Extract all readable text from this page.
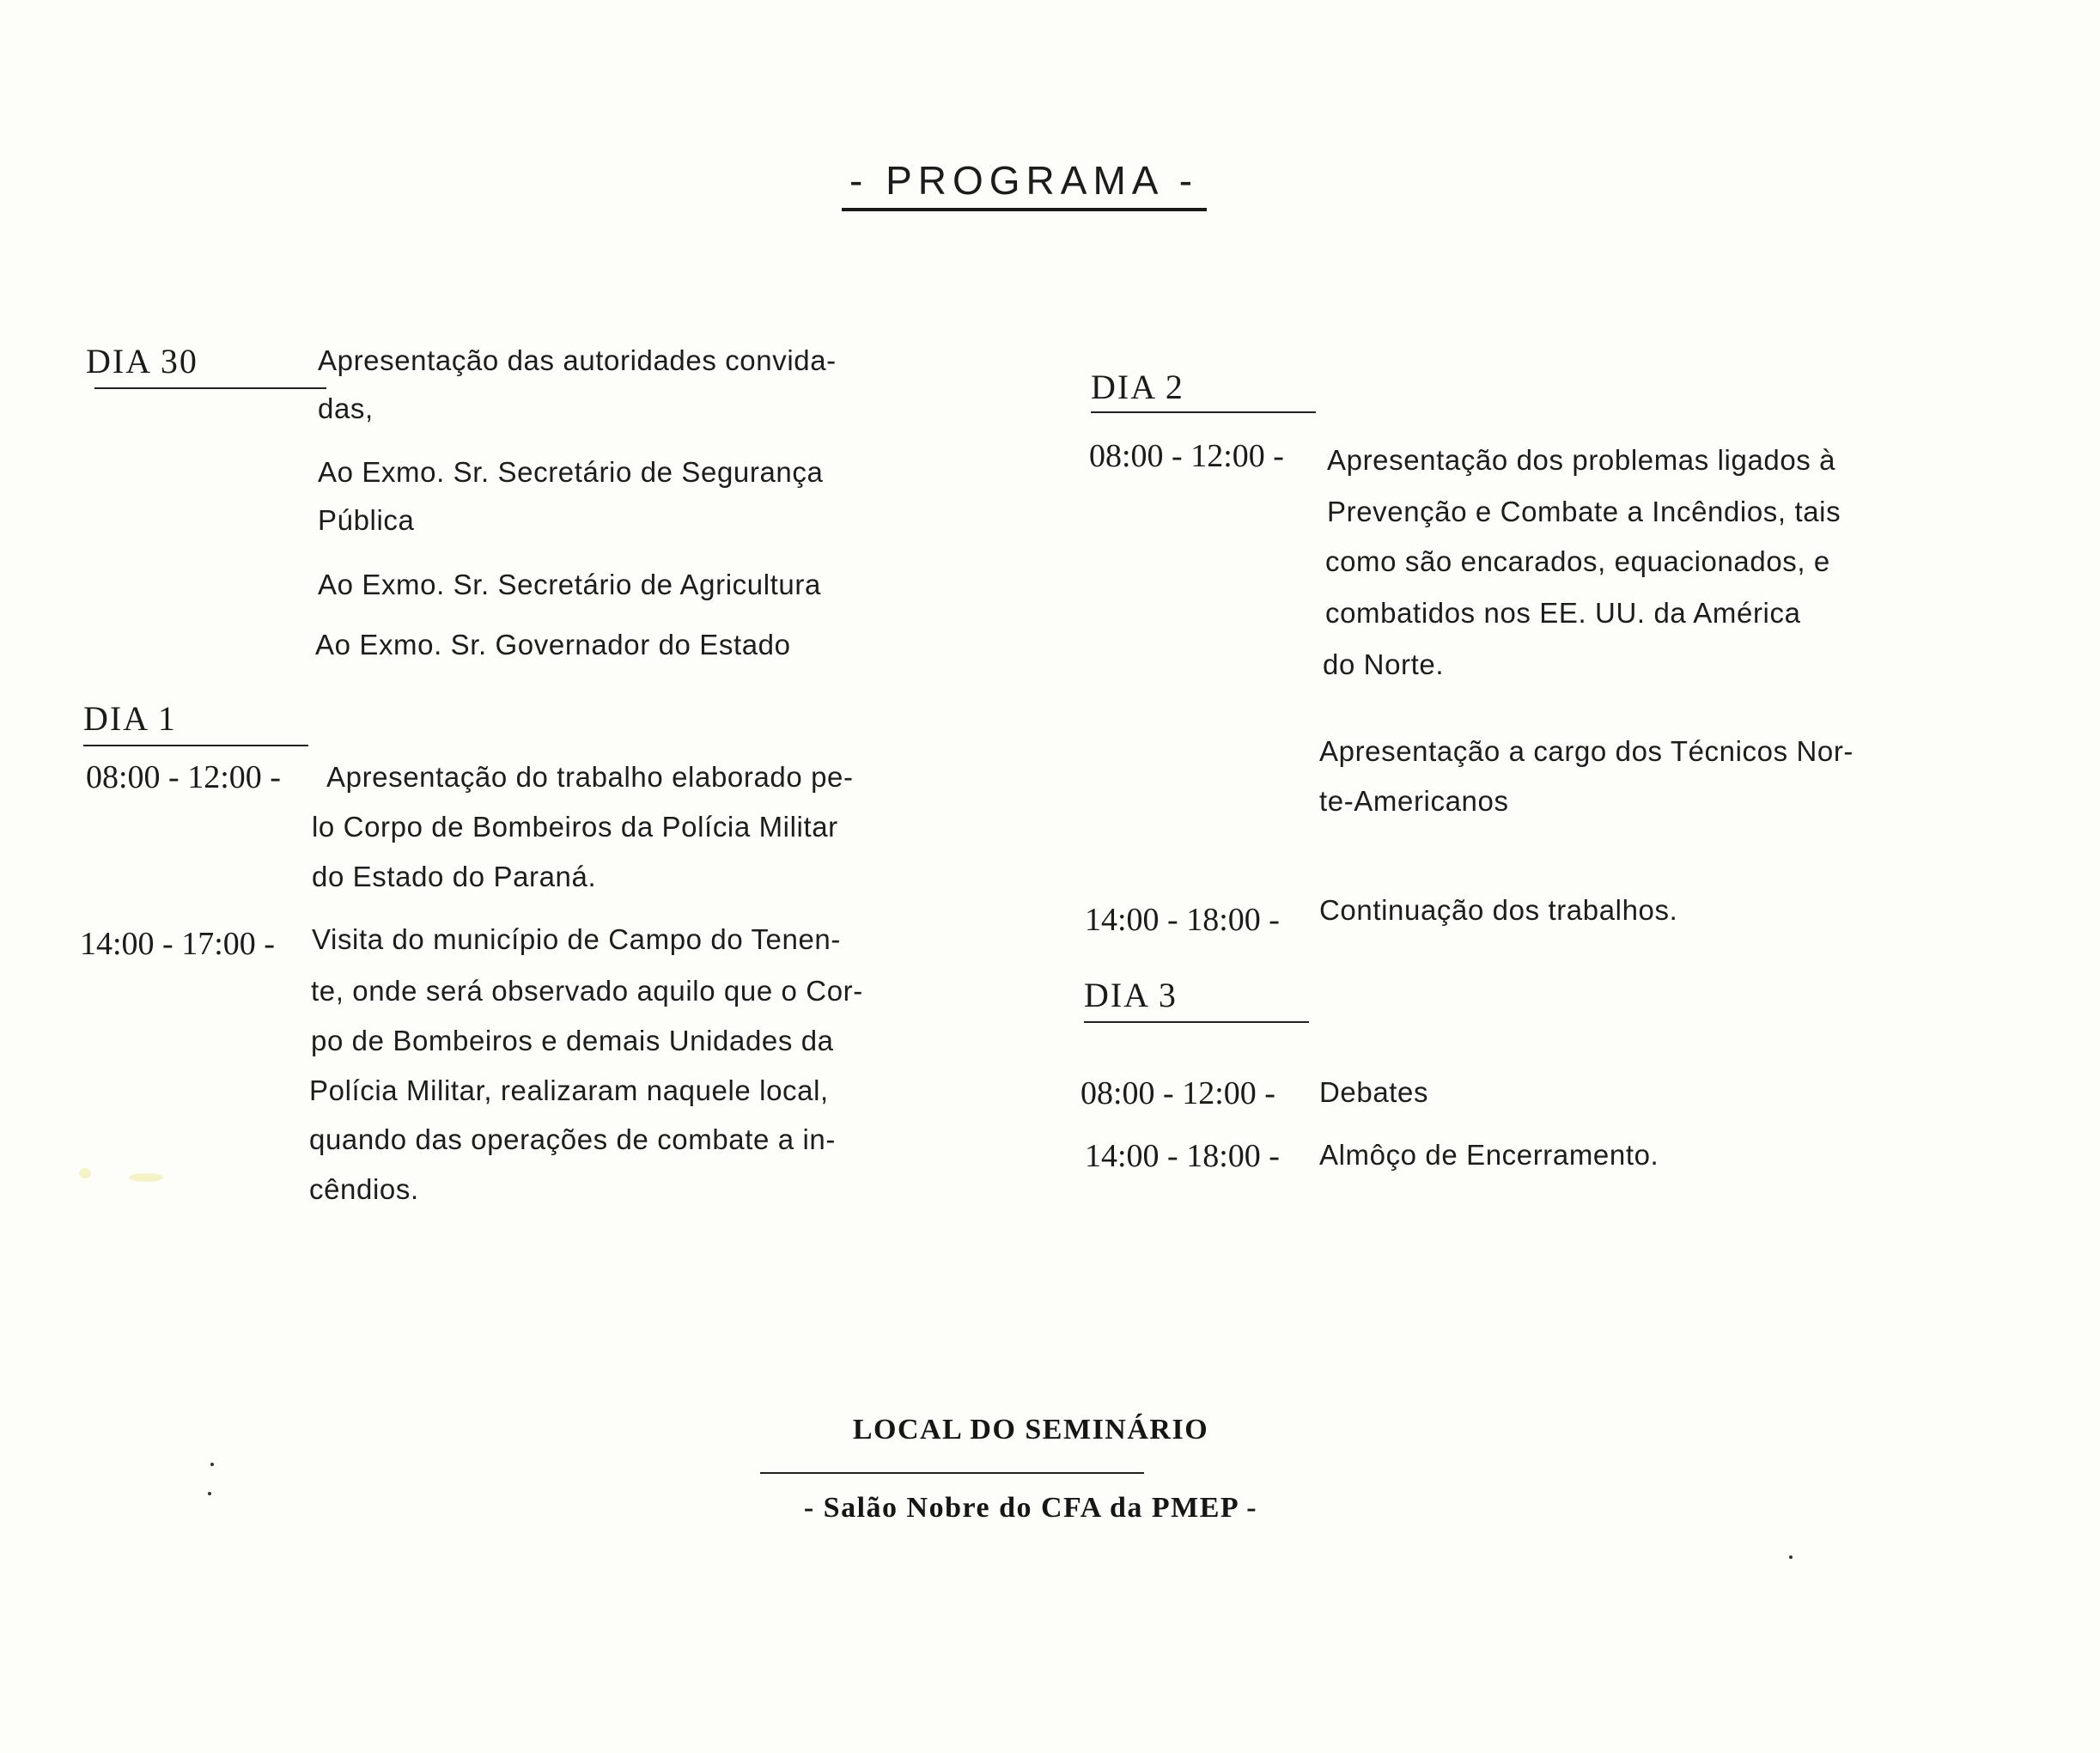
- PROGRAMA -
DIA 30	Apresentação das autoridades convida-
das,
Ao Exmo. Sr. Secretário de Segurança
Pública
Ao Exmo. Sr. Secretário de Agricultura
Ao Exmo. Sr. Governador do Estado
DIA 1
08:00 - 12:00 - Apresentação do trabalho elaborado pe-
lo Corpo de Bombeiros da Polícia Militar
do Estado do Paraná.
14:00 - 17:00 - Visita do município de Campo do Tenen-
te, onde será observado aquilo que o Cor-
po de Bombeiros e demais Unidades da
Polícia Militar, realizaram naquele local,
quando das operações de combate a in-
cêndios.
DIA 2
08:00 - 12:00 - Apresentação dos problemas ligados à
Prevenção e Combate a Incêndios, tais
como são encarados, equacionados, e
combatidos nos EE. UU. da América
do Norte.
Apresentação a cargo dos Técnicos Nor-
te-Americanos
14:00 - 18:00 - Continuação dos trabalhos.
DIA 3
08:00 - 12:00 - Debates
14:00 - 18:00 - Almôço de Encerramento.
LOCAL DO SEMINÁRIO
- Salão Nobre do CFA da PMEP -
